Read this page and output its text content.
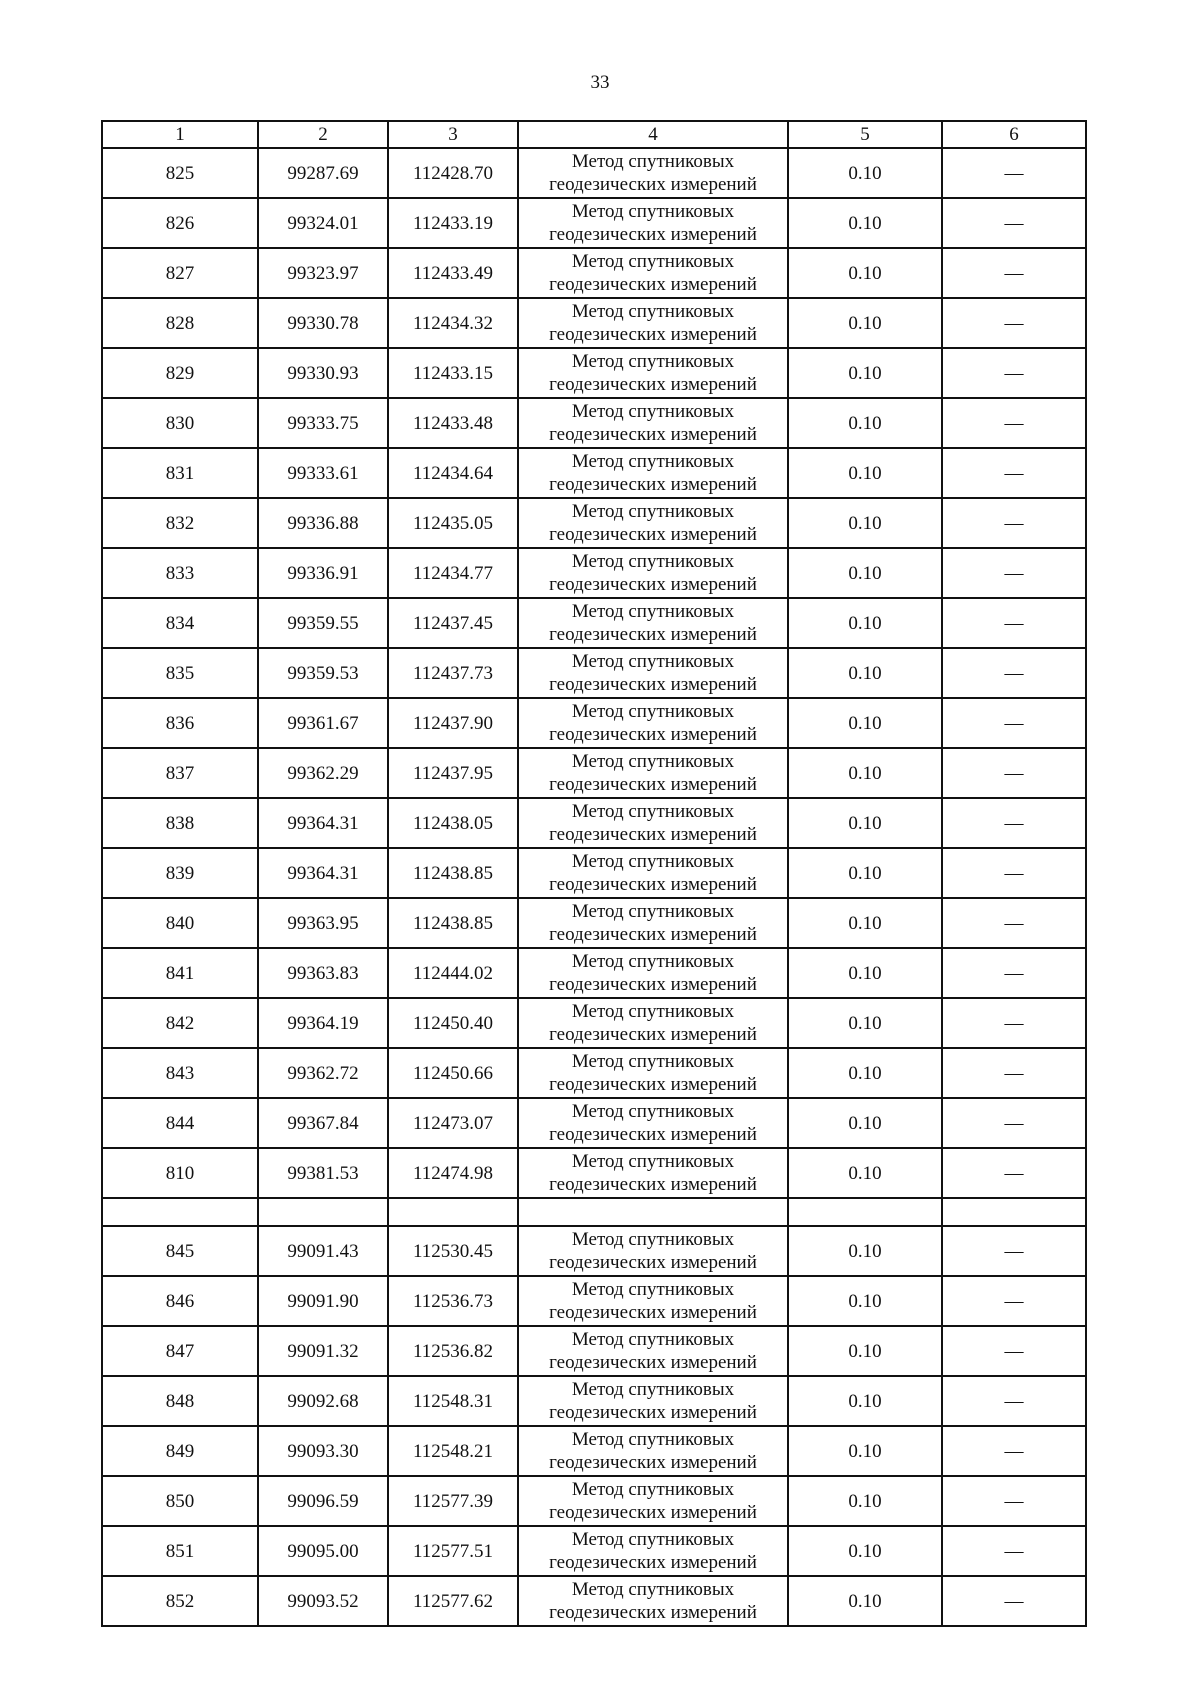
33
1	2	3	4	5	6
825	99287.69	112428.70	Метод спутниковых геодезических измерений	0.10	—
826	99324.01	112433.19	Метод спутниковых геодезических измерений	0.10	—
827	99323.97	112433.49	Метод спутниковых геодезических измерений	0.10	—
828	99330.78	112434.32	Метод спутниковых геодезических измерений	0.10	—
829	99330.93	112433.15	Метод спутниковых геодезических измерений	0.10	—
830	99333.75	112433.48	Метод спутниковых геодезических измерений	0.10	—
831	99333.61	112434.64	Метод спутниковых геодезических измерений	0.10	—
832	99336.88	112435.05	Метод спутниковых геодезических измерений	0.10	—
833	99336.91	112434.77	Метод спутниковых геодезических измерений	0.10	—
834	99359.55	112437.45	Метод спутниковых геодезических измерений	0.10	—
835	99359.53	112437.73	Метод спутниковых геодезических измерений	0.10	—
836	99361.67	112437.90	Метод спутниковых геодезических измерений	0.10	—
837	99362.29	112437.95	Метод спутниковых геодезических измерений	0.10	—
838	99364.31	112438.05	Метод спутниковых геодезических измерений	0.10	—
839	99364.31	112438.85	Метод спутниковых геодезических измерений	0.10	—
840	99363.95	112438.85	Метод спутниковых геодезических измерений	0.10	—
841	99363.83	112444.02	Метод спутниковых геодезических измерений	0.10	—
842	99364.19	112450.40	Метод спутниковых геодезических измерений	0.10	—
843	99362.72	112450.66	Метод спутниковых геодезических измерений	0.10	—
844	99367.84	112473.07	Метод спутниковых геодезических измерений	0.10	—
810	99381.53	112474.98	Метод спутниковых геодезических измерений	0.10	—

845	99091.43	112530.45	Метод спутниковых геодезических измерений	0.10	—
846	99091.90	112536.73	Метод спутниковых геодезических измерений	0.10	—
847	99091.32	112536.82	Метод спутниковых геодезических измерений	0.10	—
848	99092.68	112548.31	Метод спутниковых геодезических измерений	0.10	—
849	99093.30	112548.21	Метод спутниковых геодезических измерений	0.10	—
850	99096.59	112577.39	Метод спутниковых геодезических измерений	0.10	—
851	99095.00	112577.51	Метод спутниковых геодезических измерений	0.10	—
852	99093.52	112577.62	Метод спутниковых геодезических измерений	0.10	—
